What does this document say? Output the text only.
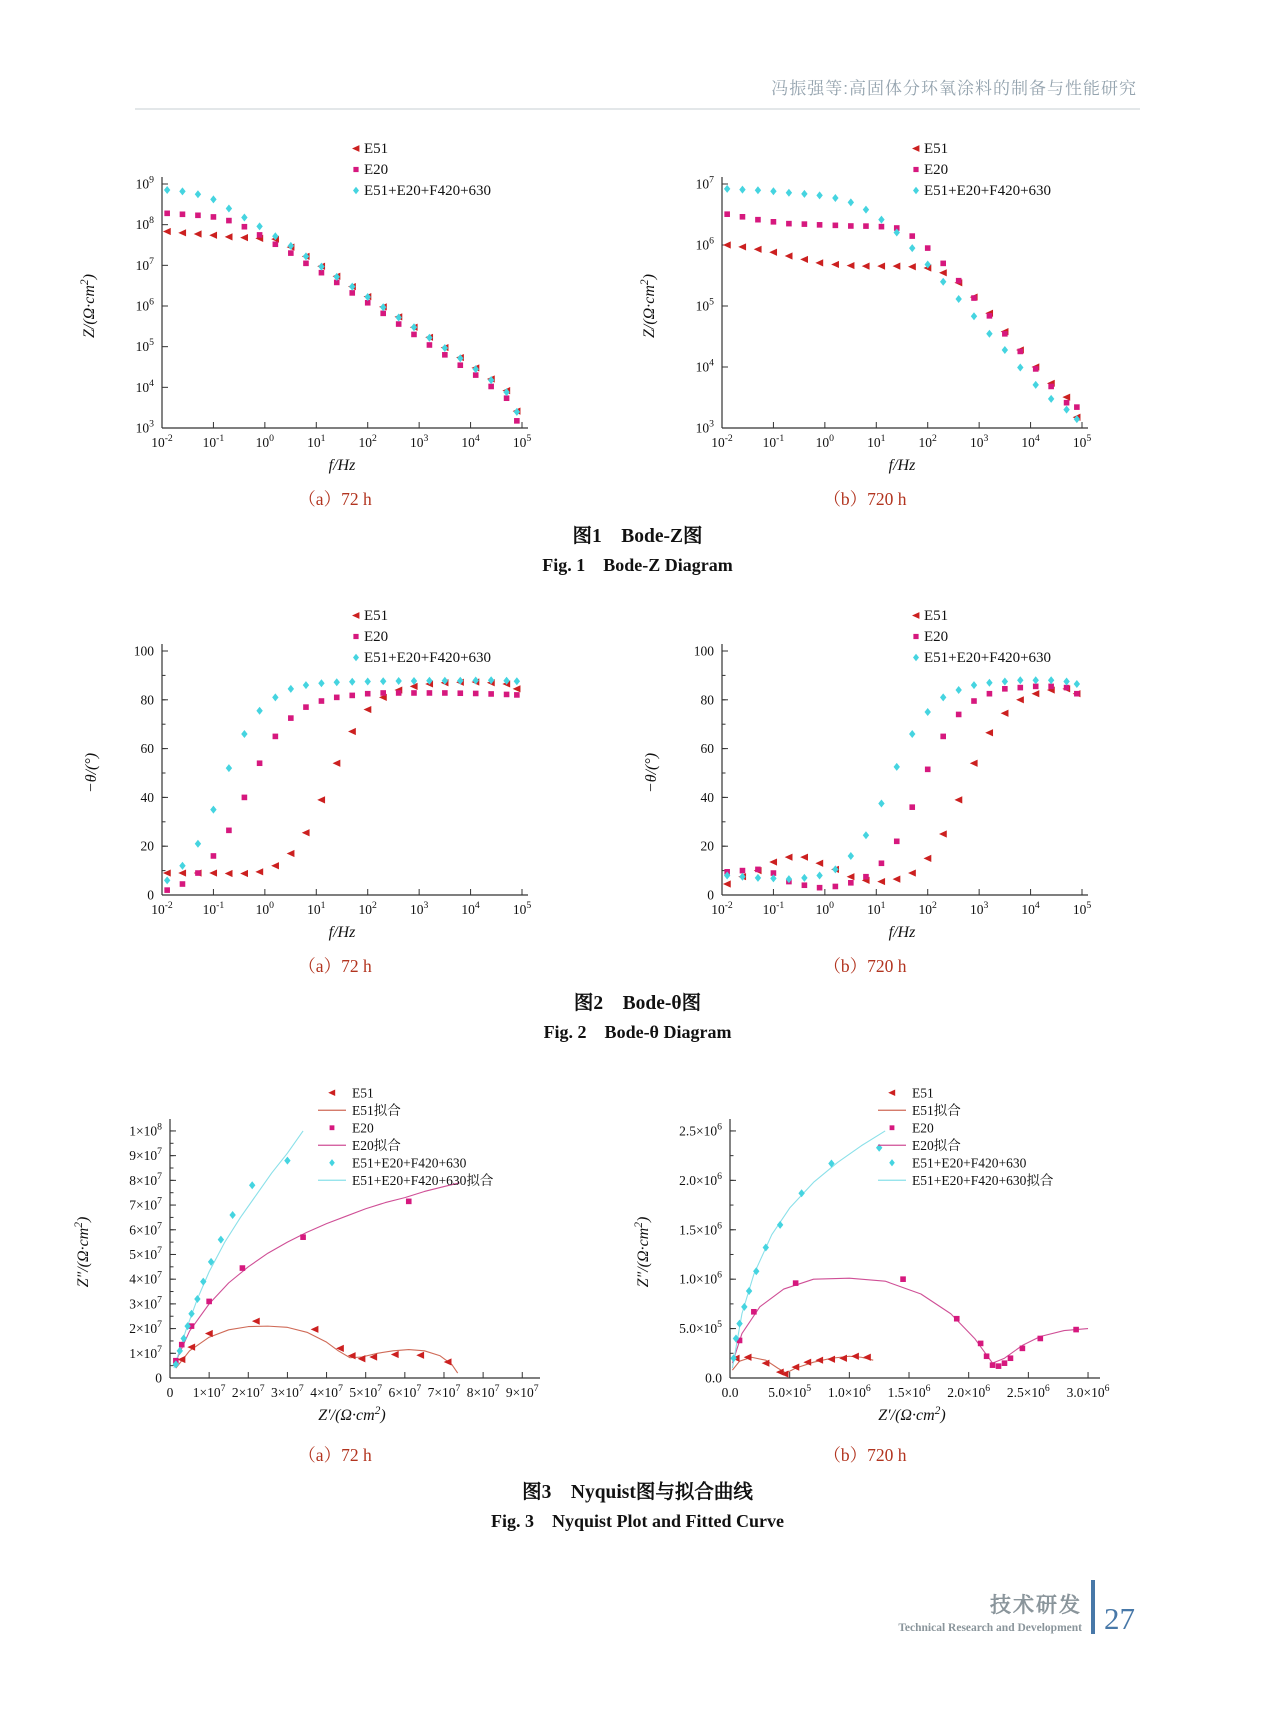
冯振强等:高固体分环氧涂料的制备与性能研究
$10^{-2}$ $10^{-1}$ $10^0$ $10^1$ $10^2$ $10^3$ $10^4$ $10^5$
$10^3$
$10^4$
$10^5$
$10^6$
$10^7$
$10^8$
$10^9$
f/Hz
$Z/(\Omega\cdot cm^2)$
E51
E20
E51+E20+F420+630
$10^{-2}$ $10^{-1}$ $10^0$ $10^1$ $10^2$ $10^3$ $10^4$ $10^5$
$10^3$
$10^4$
$10^5$
$10^6$
$10^7$
f/Hz
$Z/(\Omega\cdot cm^2)$
E51
E20
E51+E20+F420+630
（a）72 h	（b）720 h
图1　Bode-Z图
Fig. 1　Bode-Z Diagram
$10^{-2}$ $10^{-1}$ $10^0$ $10^1$ $10^2$ $10^3$ $10^4$ $10^5$
0
20
40
60
80
100
f/Hz
−θ/(°)
E51
E20
E51+E20+F420+630
$10^{-2}$ $10^{-1}$ $10^0$ $10^1$ $10^2$ $10^3$ $10^4$ $10^5$
0
20
40
60
80
100
f/Hz
−θ/(°)
E51
E20
E51+E20+F420+630
（a）72 h	（b）720 h
图2　Bode-θ图
Fig. 2　Bode-θ Diagram
0 $1\times 10^7$ $2\times 10^7$ $3\times 10^7$ $4\times 10^7$ $5\times 10^7$ $6\times 10^7$ $7\times 10^7$ $8\times 10^7$ $9\times 10^7$
0
$1\times 10^7$
$2\times 10^7$
$3\times 10^7$
$4\times 10^7$
$5\times 10^7$
$6\times 10^7$
$7\times 10^7$
$8\times 10^7$
$9\times 10^7$
$1\times 10^8$
$Z'/(\Omega\cdot cm^2)$
$Z''/(\Omega\cdot cm^2)$
E51
E51拟合
E20
E20拟合
E51+E20+F420+630
E51+E20+F420+630拟合
0.0 $5.0\times 10^5$ $1.0\times 10^6$ $1.5\times 10^6$ $2.0\times 10^6$ $2.5\times 10^6$ $3.0\times 10^6$
0.0
$5.0\times 10^5$
$1.0\times 10^6$
$1.5\times 10^6$
$2.0\times 10^6$
$2.5\times 10^6$
$Z'/(\Omega\cdot cm^2)$
$Z''/(\Omega\cdot cm^2)$
E51
E51拟合
E20
E20拟合
E51+E20+F420+630
E51+E20+F420+630拟合
（a）72 h	（b）720 h
图3　Nyquist图与拟合曲线
Fig. 3　Nyquist Plot and Fitted Curve
技术研发
Technical Research and Development 27
